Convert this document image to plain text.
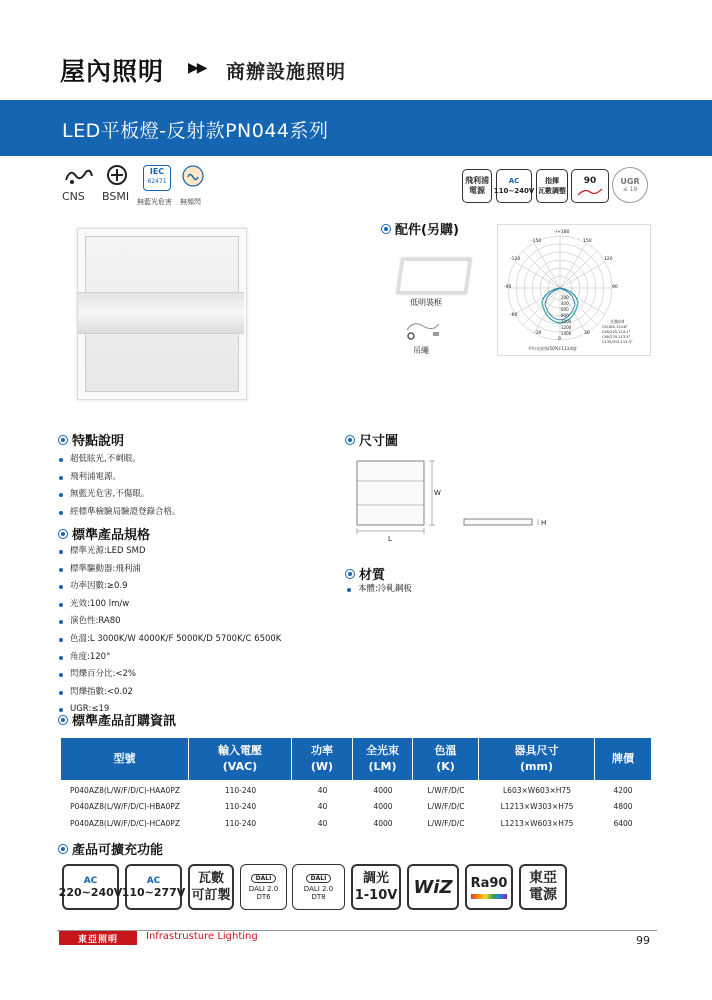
屋內照明 ▶▶ 商辦設施照明
LED平板燈-反射款PN044系列
CNS BSMI
IEC
62471
無藍光危害 無頻閃
飛利浦
電源
AC
110~240V
指揮
瓦數調整
90	UGR
≤ 19
配件(另購)
低明裝框
吊繩
-/+180
-150	150
-120	120
-90	90
-60
-30
0
30
200
400
600
800
1000
1200
1400
光強/cd
C0/180,114.8°
C45/225,114.1°
C90/270,113.3°
C135/315,113.3°
平均光束角(50%):113.6度
特點說明
超低眩光,不刺眼。
飛利浦電源。
無藍光危害,不傷眼。
經標準檢驗局驗證登錄合格。
標準產品規格
標準光源:LED SMD
標準驅動器:飛利浦
功率因數:≥0.9
光效:100 lm/w
演色性:RA80
色溫:L 3000K/W 4000K/F 5000K/D 5700K/C 6500K
角度:120°
閃爍百分比:<2%
閃爍指數:<0.02
UGR:≤19
尺寸圖
W
L
H
材質
本體:冷軋鋼板
標準產品訂購資訊
型號
輸入電壓
(VAC)
功率
(W)
全光束
(LM)
色溫
(K)
器具尺寸
(mm)
牌價
P040AZ8(L/W/F/D/C)-HAA0PZ	110-240	40	4000	L/W/F/D/C	L603×W603×H75	4200
P040AZ8(L/W/F/D/C)-HBA0PZ	110-240	40	4000	L/W/F/D/C	L1213×W303×H75	4800
P040AZ8(L/W/F/D/C)-HCA0PZ	110-240	40	4000	L/W/F/D/C	L1213×W603×H75	6400
產品可擴充功能
AC
220~240V
AC
110~277V
瓦數
可訂製
DALI
DALI 2.0
DT6
DALI
DALI 2.0
DT8
調光
1-10V WiZ Ra90 東亞
電源
東亞照明	Infrastrusture Lighting	99
